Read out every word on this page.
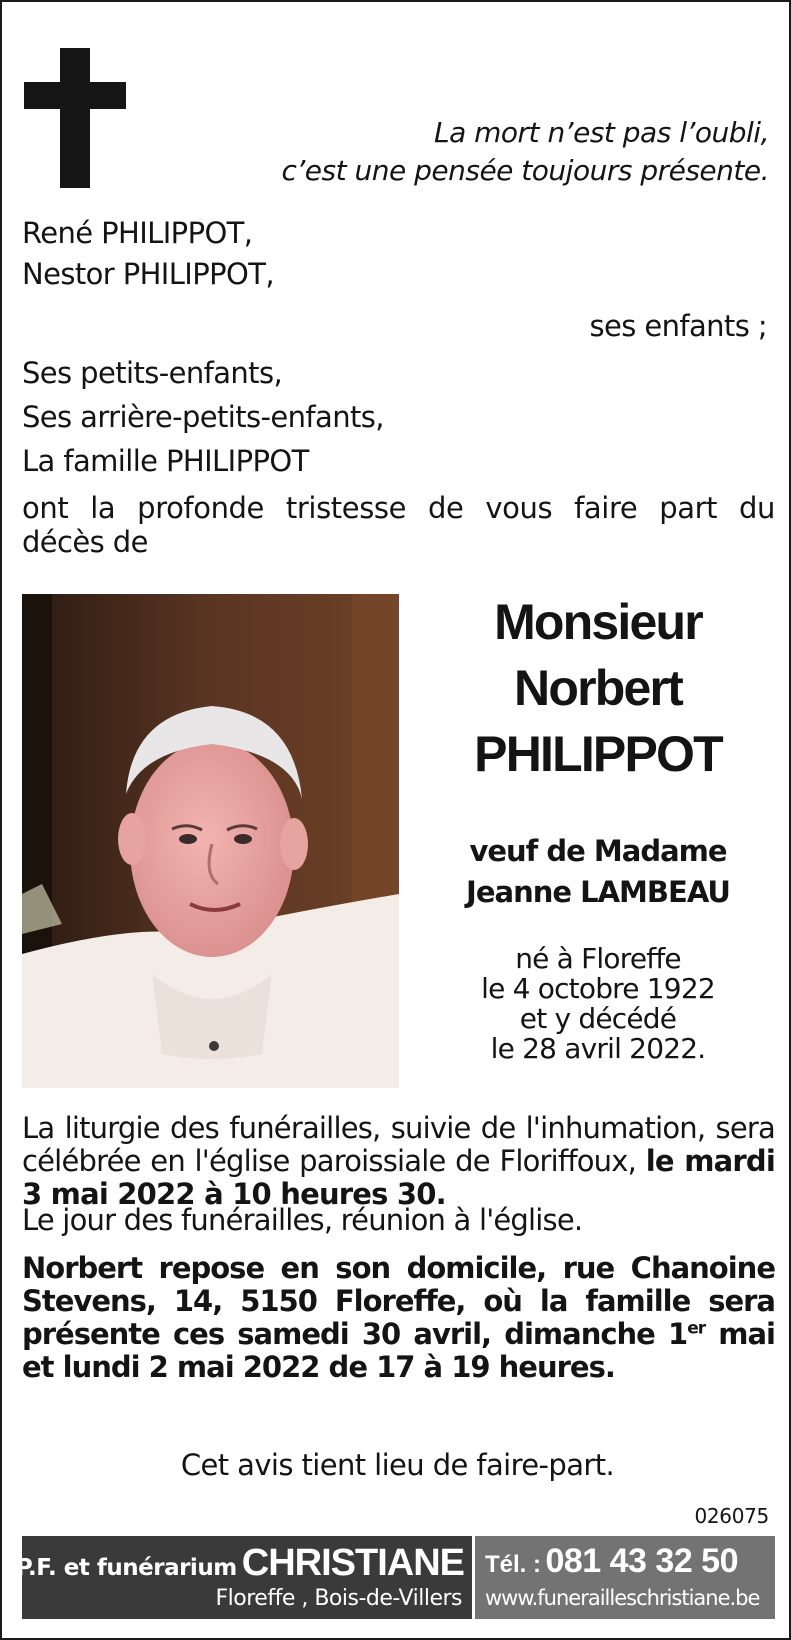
La mort n’est pas l’oubli,
c’est une pensée toujours présente.
René PHILIPPOT,
Nestor PHILIPPOT,
ses enfants ;
Ses petits-enfants,
Ses arrière-petits-enfants,
La famille PHILIPPOT
ont la profonde tristesse de vous faire part du
décès de
Monsieur
Norbert
PHILIPPOT
veuf de Madame
Jeanne LAMBEAU
né à Floreffe
le 4 octobre 1922
et y décédé
le 28 avril 2022.
La liturgie des funérailles, suivie de l'inhumation, sera célébrée en l'église paroissiale de Floriffoux, le mardi 3 mai 2022 à 10 heures 30.
Le jour des funérailles, réunion à l'église.
Norbert repose en son domicile, rue Chanoine Stevens, 14, 5150 Floreffe, où la famille sera présente ces samedi 30 avril, dimanche 1er mai et lundi 2 mai 2022 de 17 à 19 heures.
Cet avis tient lieu de faire-part.
026075
P.F. et funérarium CHRISTIANE
Floreffe , Bois-de-Villers
Tél. : 081 43 32 50
www.funerailleschristiane.be
